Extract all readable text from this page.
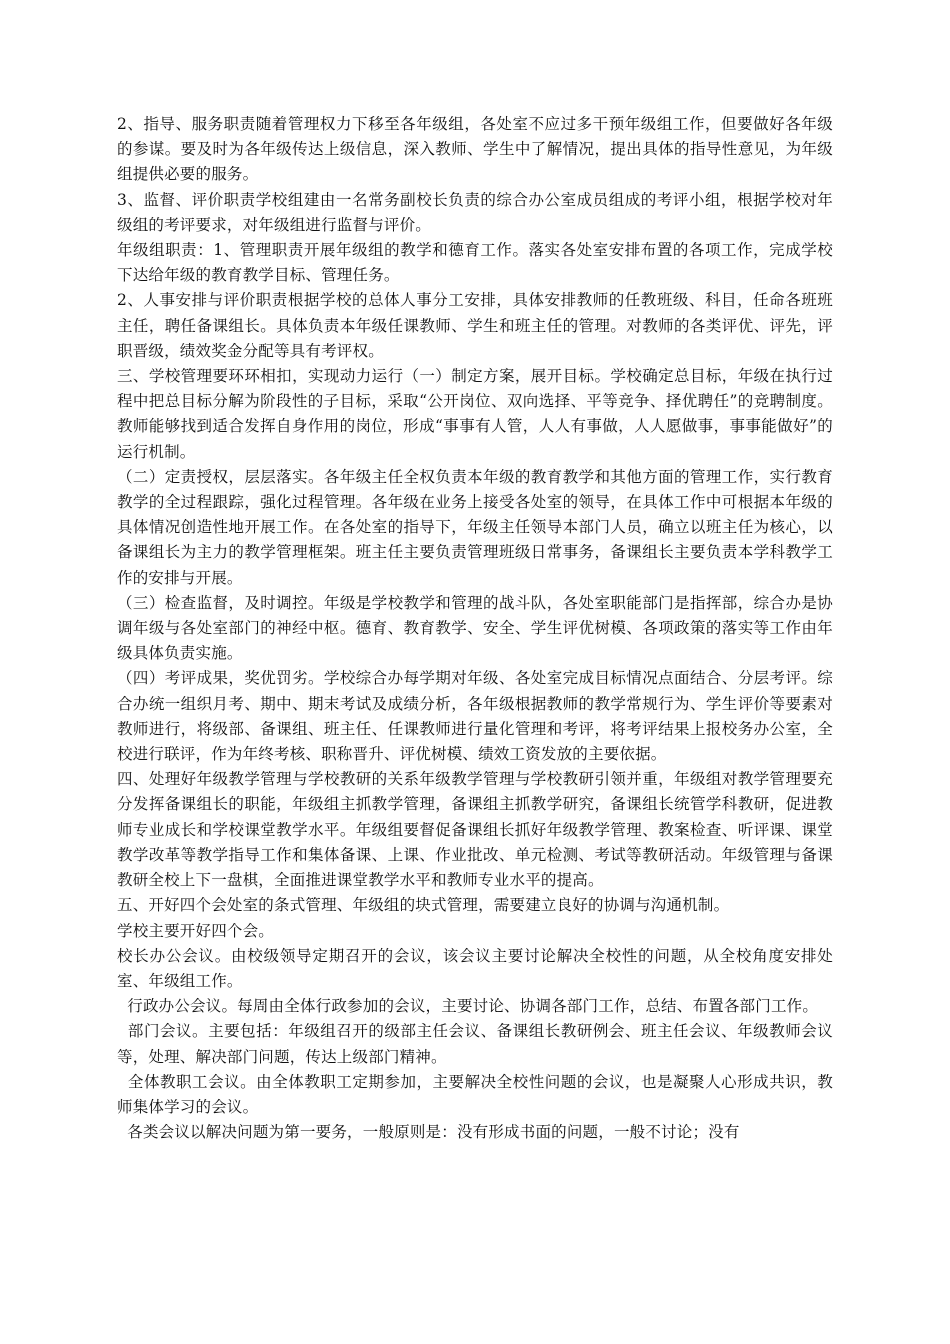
2、指导、服务职责随着管理权力下移至各年级组，各处室不应过多干预年级组工作，但要做好各年级的参谋。要及时为各年级传达上级信息，深入教师、学生中了解情况，提出具体的指导性意见，为年级组提供必要的服务。

3、监督、评价职责学校组建由一名常务副校长负责的综合办公室成员组成的考评小组，根据学校对年级组的考评要求，对年级组进行监督与评价。

年级组职责：1、管理职责开展年级组的教学和德育工作。落实各处室安排布置的各项工作，完成学校下达给年级的教育教学目标、管理任务。

2、人事安排与评价职责根据学校的总体人事分工安排，具体安排教师的任教班级、科目，任命各班班主任，聘任备课组长。具体负责本年级任课教师、学生和班主任的管理。对教师的各类评优、评先，评职晋级，绩效奖金分配等具有考评权。

三、学校管理要环环相扣，实现动力运行（一）制定方案，展开目标。学校确定总目标，年级在执行过程中把总目标分解为阶段性的子目标，采取“公开岗位、双向选择、平等竞争、择优聘任”的竞聘制度。教师能够找到适合发挥自身作用的岗位，形成“事事有人管，人人有事做，人人愿做事，事事能做好”的运行机制。

（二）定责授权，层层落实。各年级主任全权负责本年级的教育教学和其他方面的管理工作，实行教育教学的全过程跟踪，强化过程管理。各年级在业务上接受各处室的领导，在具体工作中可根据本年级的具体情况创造性地开展工作。在各处室的指导下，年级主任领导本部门人员，确立以班主任为核心，以备课组长为主力的教学管理框架。班主任主要负责管理班级日常事务，备课组长主要负责本学科教学工作的安排与开展。

（三）检查监督，及时调控。年级是学校教学和管理的战斗队，各处室职能部门是指挥部，综合办是协调年级与各处室部门的神经中枢。德育、教育教学、安全、学生评优树模、各项政策的落实等工作由年级具体负责实施。

（四）考评成果，奖优罚劣。学校综合办每学期对年级、各处室完成目标情况点面结合、分层考评。综合办统一组织月考、期中、期末考试及成绩分析，各年级根据教师的教学常规行为、学生评价等要素对教师进行，将级部、备课组、班主任、任课教师进行量化管理和考评，将考评结果上报校务办公室，全校进行联评，作为年终考核、职称晋升、评优树模、绩效工资发放的主要依据。

四、处理好年级教学管理与学校教研的关系年级教学管理与学校教研引领并重，年级组对教学管理要充分发挥备课组长的职能，年级组主抓教学管理，备课组主抓教学研究，备课组长统管学科教研，促进教师专业成长和学校课堂教学水平。年级组要督促备课组长抓好年级教学管理、教案检查、听评课、课堂教学改革等教学指导工作和集体备课、上课、作业批改、单元检测、考试等教研活动。年级管理与备课教研全校上下一盘棋，全面推进课堂教学水平和教师专业水平的提高。

五、开好四个会处室的条式管理、年级组的块式管理，需要建立良好的协调与沟通机制。

学校主要开好四个会。

校长办公会议。由校级领导定期召开的会议，该会议主要讨论解决全校性的问题，从全校角度安排处室、年级组工作。

行政办公会议。每周由全体行政参加的会议，主要讨论、协调各部门工作，总结、布置各部门工作。

部门会议。主要包括：年级组召开的级部主任会议、备课组长教研例会、班主任会议、年级教师会议等，处理、解决部门问题，传达上级部门精神。

全体教职工会议。由全体教职工定期参加，主要解决全校性问题的会议，也是凝聚人心形成共识，教师集体学习的会议。

各类会议以解决问题为第一要务，一般原则是：没有形成书面的问题，一般不讨论；没有
